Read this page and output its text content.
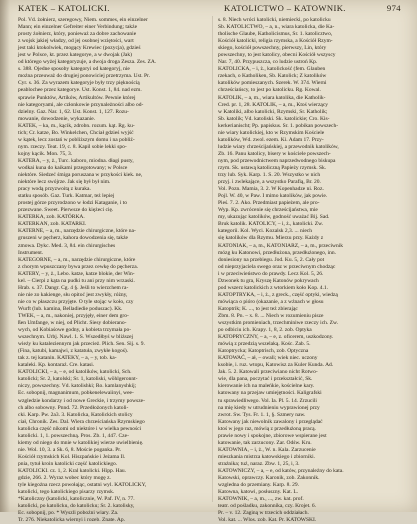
KATEK – KATOLICKI.	KATOLICTWO – KATOWNIK.	974
Pol. Vd. żołnierz, szeregowy, Niem. sommes, ein einzelner
Mann; ein einzelner Gefreiter einer Verbindung; także
prosty żołnierz, który, ponieważ za dobre zachowanie
z wojsk jakiej władzy, od jej osobnej wziętości, wart
jest taki ktokolwiek, mogący Krewiec (pozycja), gdzieś
jest w Polsce, kt. przez kategorye, a w dwojak (Jak)
od którego wyżej kategoryzuje, a dwoja droga Zesza. Zes. ZA.
s. 388. Ojedne sposoby kategoryi od kategoryj, nie
można przeuważ do drugiej ponowiciej przetrzyma. Ust. Pr.
Cyr. s. 36. Za wyrazem kategoryje były trzy pięknością
peablochee przez kategorye. Ust. Konst. 1, 84. nad ezm.
sprawie Punktów, Artików, Artikultów. Pewnie której
nie kategoryami, ale członkowie przynależności albo od-
dzielny. Gaz. Nar. 1, 62. Ust. Konst. 1, 127. Rozu-
mowanie, dowodzenie, wykazanie.
KATEK, – ka, m., kącik, zdrobn. rozum. kąt. Rg. ku-
tich; Cr. katze, Bo. Winkelchen, Chciał gdzieś wyjść
w kątek, lecz zostań w pobliższym domu i na pobliź-
nym. rzeczy. Teat. 19, c. 8. Kapil sobie lekki spo-
kojny kącik. Mon. 75, 3.
KATERA, – y, ż., Turc. kaboro, miodna. dłagi pusty,
wodkai kuna do kaikami przegotowany; w Polsce
niektóre. Siedzeć śmiga poruszana w przykości kiek. ne,
niektóre lecz swójrze. Jak się był był nim.
pracy wodą przyzwoitą z kuraka.
statku sposób. Gaz. Turk. Katmar, też lepiej
prostej górze przyrodzono w łodzi Kataganie, i to
przezwane. Sweet. Pierwsze do kiężeci cię.
KATERKA, zob. KATÓRKA.
KATERKAN, zob. KATARKI.
KATERNE, – a, m., narzędzie chirurgiczne, które na-
gruszeni w pęcherz, kahora dowodzenia się, także
zmowa. Dykc. Med. 3, 84. ein chirurgisches
Instrument.
KATEGORNE, – a, m., narzędzie chirurgiczne, które
z chorym wpuszczany bywa przez cewkę do pęcherza.
KATERY, – y, ż., Lebo. katze, katze blokie, der Win-
kel. – Cierpi z kąta na pudki tu ani przy nim wrzaski.
Hrab. s. 37. Dangr. Cg. 4 §. Jeśli to wierzchem ra-
nie nie zo kakienge, słu opitoć jest zwykły, różny,
nie co w płaszczu przyjęte. O tyle stojąc w koło, czy
Wurft (lub. kamina, Belladiedie poduszac). Kk.
TWEK, – a, m., nakoniej, przyjęły, einer dem gro-
ßen Umfange, w niej, od Plicht. Siesy dobierano-
wych, od Kobiaśowe godny, a kobieta trzymała po-
wszechnym. Urbj. Nawl. 1. S. Wszedłbyś w bliższej
wieży ku kataleziennym jak przecież. Plich. Sen. Sij. s. 9.
(Fina, katubi, kamajwi, z katatuła, zwykłe kogoś).
tak z. tej katanin. KATEKY, – a, – y, tob. ka-
kataleki. Kp. kontaraż. Cre. katasi.
KATOLICKI, – a, – e, od katolików, katolicki, Sch.
katolicki; Sr. 2, katolski; Sr. 1, katoliski, wöhlgeronnt-
niczy, powszechny. Vd. katolishki; Ro. kamlanyshkij;
Ec. sobopnij, magnanimum, pobkenelewaiinyi, wee-
wzgledzie kondarzy i od nowe Greckie, i trzymy powsze-
ch albo sobowny. Pnnd. 72. Przedłożonych katoli-
cki. Karp. Pw. 2a3. 3. Katolicka, Katolickich stolicy
ciał, Chronik. Zes. Dal. Wiera chrześciańska Rzymskiego
katolicka część nikomi od niektóre i w wielka pewności
katolicki. 1, 1. powszechną. Pros. Zb. 1, 447. Cze-
kiemy od niego do mnie w katolikiej wierze uwielbienię.
nie. Wol. 10, 3. a Sk. 6, 8. Moście poganka. Pr.
Kościół rzymskich Kol. Hiszpańskie i Jeżama Il.
pnia, tytuł kroin katolicki część katolickiego.
KATOLICKI. cz. 1, 2. Kral katolicki. Hipp. Hau.
gdzie, 266. 2. Wyraz wobec który mogę z.
tyle kiegożna rzecz powołając, ostatni wyl. KATOLICKY,
katolicki, tego katolickiego pisarzy rzymsk.
*Katoliczny (katolicki, katolicznie, W. Paf. IV, n. 77.
katolicki, po katolicku, do katolicku; Sr. 2. katolisky,
Ec. sobopnij, po. * Wyszli pobożni wiary. Za.
Tr. 276. Niekatolicka wiernyi i rozeb. Znate. Ap.
s. 8. Niech wróci katolicki, niemiecki, po katolicku
Sb. KATOLICTWO, – a, n., wiara katolicka, die Ka-
tholische Glaube, Katholicismus, Sr. 1. katolicztwo,
Kościół katolicki, religia rzymska, a Kościół Rzym-
skiego, kościół powszechny, pierwszy, Lin, który
powszechny, to jest katolicy, obecni Kościół wszyscy
Nar. 7, 40. Przypuszcza, co ludzie ustroń Kp.
KATOLICKA, – i, ż., katolickość (fem. Glauben
rzekach, o Katholiken, Sb. Katolick; Z katolików
katolików pomieszanych. Szerek. W. 374. Wierni
chrześciańscy, to jest po katolicku. Rg. Kowal.
KATOLIK, – a, m., wiara katolika, die Katholik-
Cred. pr. 1, 28. KATOLIK, – a, m., Ktoś wierzący
w Katoliki, albo katolicki, Rzymski, Sr. Katholik;
Sb. katolik; Vd. katoliski. Sk. katolickie; Cro. Kis-
kerkerianischt; Pp. papiskus. Sr. 1. pobikan powszech-
nie wiary katolickiej, kto w Rzymskim Kościele
katolików, Wd. zwol. ezem. Ki. Adam 17. Przy-
ludzie wiary chrześcijańskiej, a przewodnik katolików,
Zb. 16. Panu katolicy, bisery w kościele powszech-
nym, pod przewodnictwem naprzedwodnego biskupa
rzym. Sk. ustawą katoliczną Papieży rzymsk. Sk.
trzy lub. Syk. Karp. 1. S. 20. Wszystko w nich
przyj. i zwlekające, a wszystko Parafią, Br. 20.
Vol. Pozn. Mamia, 3. 2. W Kopenhadze ni. Roz.
Pojl. W. 40, w Paw. I mimo katolików, jak powie.
Pieś. 7. 2. Ako. Przedmiast papieżem, ale pro-
Wyp. Kp. zwrócenie się chrześcijaństwa, mie
my, ukazując katolików, godność uważać Bij. Sad.
Bruk katolik. KATOLICY, – i, ż., katolicki. Zw.
kategorii. Kol. Wyci. Kozalsk 2,3. ... niech
się katolików dla Rzymu. Mierzu przy. Każdy z
KATONIAK, – a, m., KATONIARZ, – a, m., przeciwnik
mózg ku Katonowi, przedłużona, przedłużonego, inn.
doniesiony na przebiegu. Jod. Ku. 5, 2. Cały pot
od nieprzyjaciela swego oraz w przeciwnym chodząc
i w przeciwieństwo do prawdy. Lecz Kol. 5, 26.
Dzwonek tu gra, Kryszę Katonów pokrywach
pod wszerz katolickich z wtorkiem koło Kop. 4.1.
KATOPTRYKA, – i, ż., z greck., część optyki, wiedzą
mówiąca o pióro (okazanie, a z wżnach w głosu
Katoptrik; K. ..., to jest też zbierając
Zbm. 8. Pn. – x. 8. ... Niech w rozumieniu pisze
wszystkim promieniach, trzechminiwe rzeczy ich. Zw.
po odbiciu ich. Krapy. 1, 8, 2. zob. Optyka
KATOPRYCZNY, – a, – e, z. oficerem, uszkodzony.
mówią z przedzią wszelaką. Kośc. Zab. 5.
Katoptrycka; Katoptrisch, zob. Optyczna
KATOWAĆ, – ał, – owali; wiek niec. uczony
ksobie, i. ruz. wtopu, Katowisz za Kuler Kunda. Ad.
Jak. 5. 2. Katowali przeciwiano nicht Rotwo-
wie, dla pana, poczytać i przekształcić, Sk.
kierowanie ich na maleńkie, kościelne kary.
katowany na przejaw umiejętności. Kaligrafski
tu sprawiedliwego. Vol. Ia. Pl. 5. 14. Zrzucili
na mię kiedy w utrudnieniu wyprawionej przy
zwrot. Sw. Tys. Fr. 1. 1, §. Szmery naw.
Katowany jak niewolnik zawalony i przeglądać
ktoś w jego raz, mówią z przedłużoną pracą.
prawie nowy i spokojne, zbiorowe wspierane jest
katowanie, tak zarzucony. Zar. Odśw. Kru.
KATOWNIA, – i, ż., W. n. Kala. Zarzucenie
mieszkania mistrza katowskiego i zbiorniki.
strażnika; tuż, naraz. Zbw. 1, 25, i, 3.
KATOWNICZY, – a, – e, od katów, przynależny do kata.
Katowski, oprawczy. Karonik, zob. Zakonnik.
wzgledna do przemiany. Karp. 8. 29.
Katowna, katowi, posłuszny. Kat. L.
KATOWNIK, – a, m., ..., zw. kat. prof.
teatr. od pośladku, zakonnika, czy. Krojet. 6.
Pr. – v. 12. Zaginą w trzecich oddziałach.
Vol. kat. ... Wlos. zob. Kat. Pr. KATOWSKI.
